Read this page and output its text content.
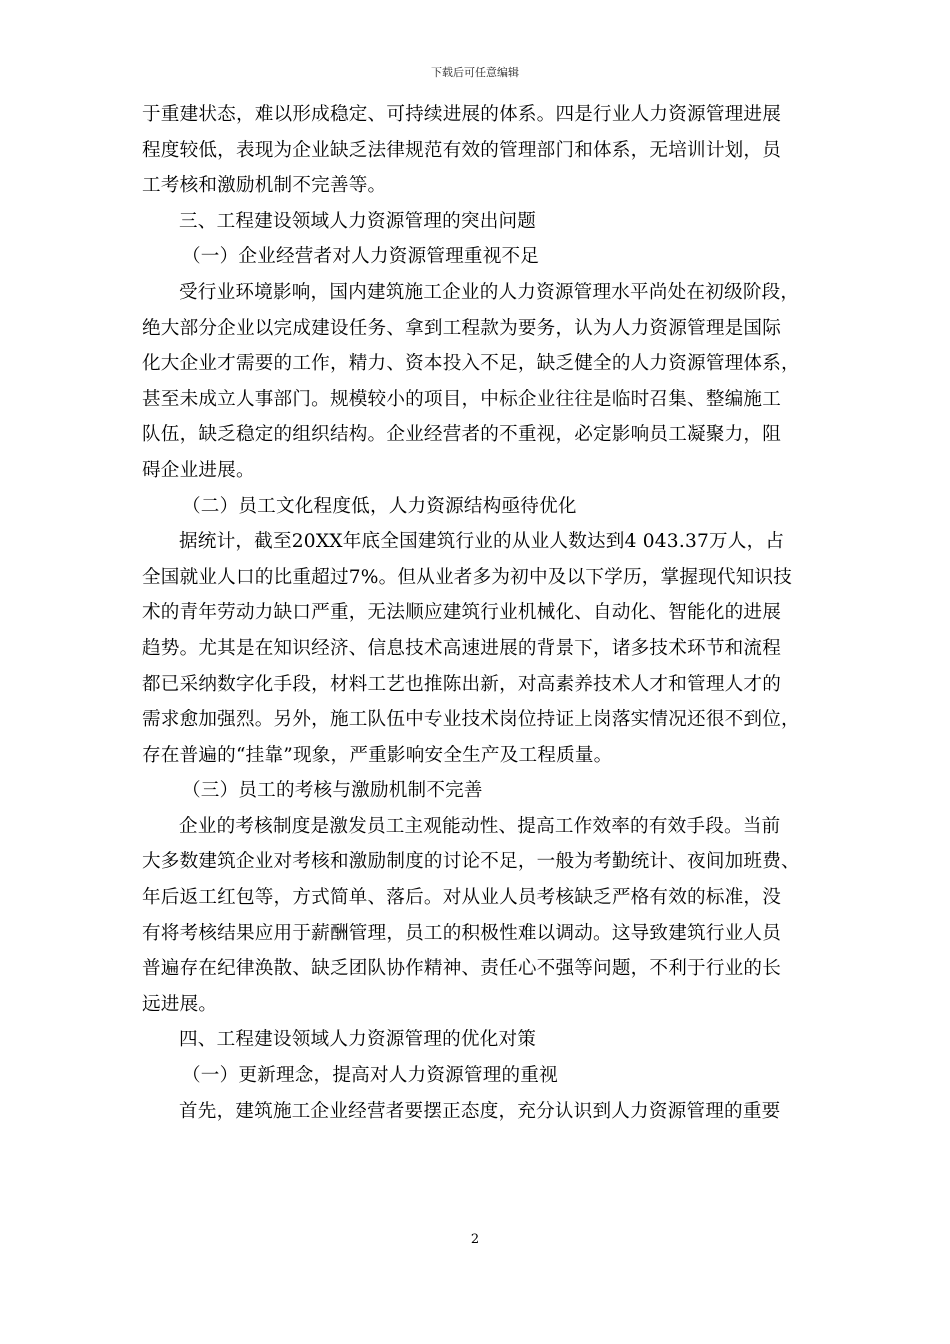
下载后可任意编辑
于重建状态，难以形成稳定、可持续进展的体系。四是行业人力资源管理进展
程度较低，表现为企业缺乏法律规范有效的管理部门和体系，无培训计划，员
工考核和激励机制不完善等。
三、工程建设领域人力资源管理的突出问题
（一）企业经营者对人力资源管理重视不足
受行业环境影响，国内建筑施工企业的人力资源管理水平尚处在初级阶段，
绝大部分企业以完成建设任务、拿到工程款为要务，认为人力资源管理是国际
化大企业才需要的工作，精力、资本投入不足，缺乏健全的人力资源管理体系，
甚至未成立人事部门。规模较小的项目，中标企业往往是临时召集、整编施工
队伍，缺乏稳定的组织结构。企业经营者的不重视，必定影响员工凝聚力，阻
碍企业进展。
（二）员工文化程度低，人力资源结构亟待优化
据统计，截至20XX年底全国建筑行业的从业人数达到4 043.37万人，占
全国就业人口的比重超过7%。但从业者多为初中及以下学历，掌握现代知识技
术的青年劳动力缺口严重，无法顺应建筑行业机械化、自动化、智能化的进展
趋势。尤其是在知识经济、信息技术高速进展的背景下，诸多技术环节和流程
都已采纳数字化手段，材料工艺也推陈出新，对高素养技术人才和管理人才的
需求愈加强烈。另外，施工队伍中专业技术岗位持证上岗落实情况还很不到位，
存在普遍的“挂靠”现象，严重影响安全生产及工程质量。
（三）员工的考核与激励机制不完善
企业的考核制度是激发员工主观能动性、提高工作效率的有效手段。当前
大多数建筑企业对考核和激励制度的讨论不足，一般为考勤统计、夜间加班费、
年后返工红包等，方式简单、落后。对从业人员考核缺乏严格有效的标准，没
有将考核结果应用于薪酬管理，员工的积极性难以调动。这导致建筑行业人员
普遍存在纪律涣散、缺乏团队协作精神、责任心不强等问题，不利于行业的长
远进展。
四、工程建设领域人力资源管理的优化对策
（一）更新理念，提高对人力资源管理的重视
首先，建筑施工企业经营者要摆正态度，充分认识到人力资源管理的重要
2
